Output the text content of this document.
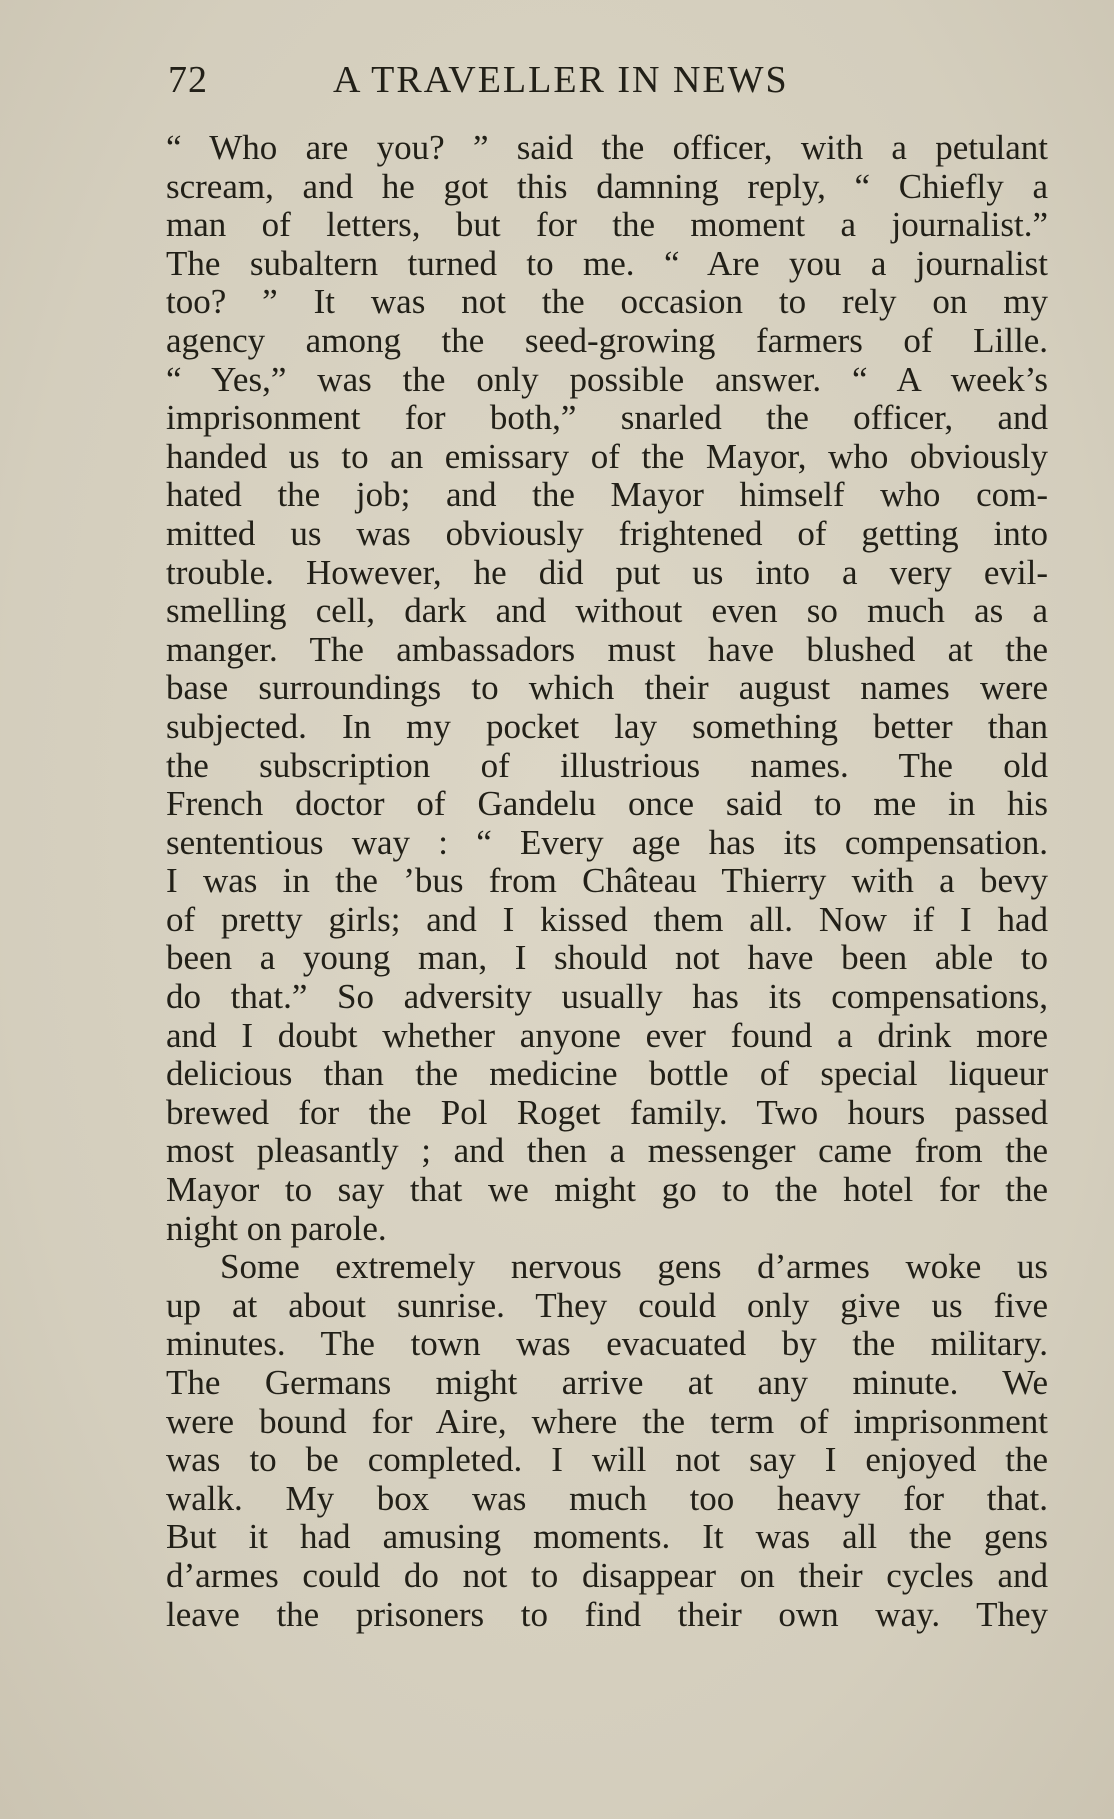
72	A TRAVELLER IN NEWS
“ Who are you? ” said the officer, with a petulant
scream, and he got this damning reply, “ Chiefly a
man of letters, but for the moment a journalist.”
The subaltern turned to me. “ Are you a journalist
too? ” It was not the occasion to rely on my
agency among the seed-growing farmers of Lille.
“ Yes,” was the only possible answer. “ A week’s
imprisonment for both,” snarled the officer, and
handed us to an emissary of the Mayor, who obviously
hated the job; and the Mayor himself who com-
mitted us was obviously frightened of getting into
trouble. However, he did put us into a very evil-
smelling cell, dark and without even so much as a
manger. The ambassadors must have blushed at the
base surroundings to which their august names were
subjected. In my pocket lay something better than
the subscription of illustrious names. The old
French doctor of Gandelu once said to me in his
sententious way : “ Every age has its compensation.
I was in the ’bus from Château Thierry with a bevy
of pretty girls; and I kissed them all. Now if I had
been a young man, I should not have been able to
do that.” So adversity usually has its compensations,
and I doubt whether anyone ever found a drink more
delicious than the medicine bottle of special liqueur
brewed for the Pol Roget family. Two hours passed
most pleasantly ; and then a messenger came from the
Mayor to say that we might go to the hotel for the
night on parole.
Some extremely nervous gens d’armes woke us
up at about sunrise. They could only give us five
minutes. The town was evacuated by the military.
The Germans might arrive at any minute. We
were bound for Aire, where the term of imprisonment
was to be completed. I will not say I enjoyed the
walk. My box was much too heavy for that.
But it had amusing moments. It was all the gens
d’armes could do not to disappear on their cycles and
leave the prisoners to find their own way. They
